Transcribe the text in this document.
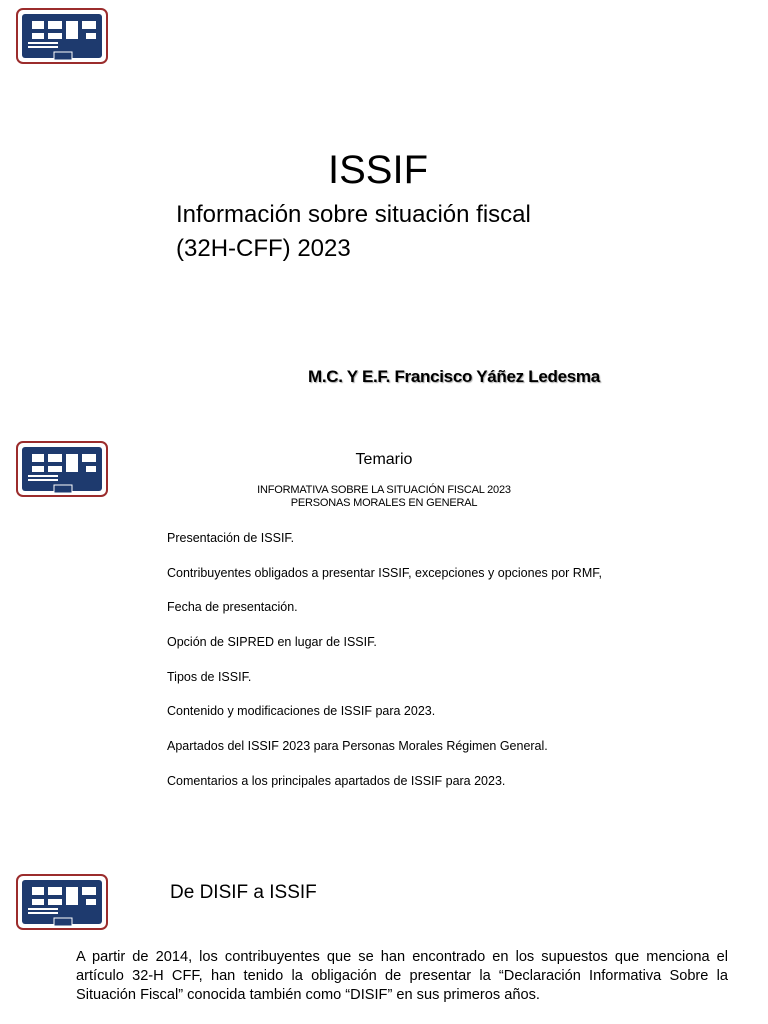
ISSIF
Información sobre situación fiscal
(32H-CFF) 2023
M.C. Y E.F. Francisco Yáñez Ledesma
Temario
INFORMATIVA SOBRE LA SITUACIÓN FISCAL 2023
PERSONAS MORALES EN GENERAL
Presentación de ISSIF.
Contribuyentes obligados a presentar ISSIF, excepciones y opciones por RMF,
Fecha de presentación.
Opción de SIPRED en lugar de ISSIF.
Tipos de ISSIF.
Contenido y modificaciones de ISSIF para 2023.
Apartados del ISSIF 2023 para Personas Morales Régimen General.
Comentarios a los principales apartados de ISSIF para 2023.
De DISIF a ISSIF
A partir de 2014, los contribuyentes que se han encontrado en los supuestos que menciona el artículo 32-H CFF, han tenido la obligación de presentar la “Declaración Informativa Sobre la Situación Fiscal” conocida también como “DISIF” en sus primeros años.
